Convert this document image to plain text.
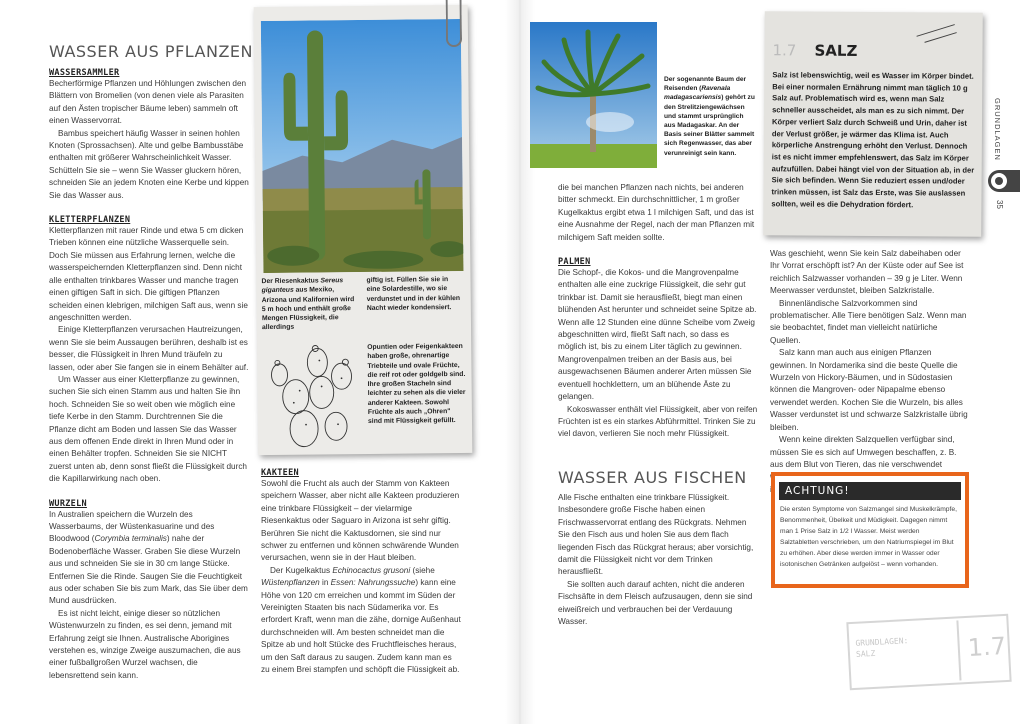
WASSER AUS PFLANZEN
WASSERSAMMLER

Becherförmige Pflanzen und Höhlungen zwischen den Blättern von Bromelien (von denen viele als Parasiten auf den Ästen tropischer Bäume leben) sammeln oft einen Wasservorrat.

Bambus speichert häufig Wasser in seinen hohlen Knoten (Sprossachsen). Alte und gelbe Bambusstäbe enthalten mit größerer Wahrscheinlichkeit Wasser. Schütteln Sie sie – wenn Sie Wasser gluckern hören, schneiden Sie an jedem Knoten eine Kerbe und kippen Sie das Wasser aus.

KLETTERPFLANZEN

Kletterpflanzen mit rauer Rinde und etwa 5 cm dicken Trieben können eine nützliche Wasserquelle sein. Doch Sie müssen aus Erfahrung lernen, welche die wasserspeichernden Kletterpflanzen sind. Denn nicht alle enthalten trinkbares Wasser und manche tragen einen giftigen Saft in sich. Die giftigen Pflanzen scheiden einen klebrigen, milchigen Saft aus, wenn sie angeschnitten werden.

Einige Kletterpflanzen verursachen Hautreizungen, wenn Sie sie beim Aussaugen berühren, deshalb ist es besser, die Flüssigkeit in Ihren Mund träufeln zu lassen, oder aber Sie fangen sie in einem Behälter auf.

Um Wasser aus einer Kletterpflanze zu gewinnen, suchen Sie sich einen Stamm aus und halten Sie ihn hoch. Schneiden Sie so weit oben wie möglich eine tiefe Kerbe in den Stamm. Durchtrennen Sie die Pflanze dicht am Boden und lassen Sie das Wasser aus dem offenen Ende direkt in Ihren Mund oder in einen Behälter tropfen. Schneiden Sie sie NICHT zuerst unten ab, denn sonst fließt die Flüssigkeit durch die Kapillarwirkung nach oben.

WURZELN

In Australien speichern die Wurzeln des Wasserbaums, der Wüstenkasuarine und des Bloodwood (Corymbia terminalis) nahe der Bodenoberfläche Wasser. Graben Sie diese Wurzeln aus und schneiden Sie sie in 30 cm lange Stücke. Entfernen Sie die Rinde. Saugen Sie die Feuchtigkeit aus oder schaben Sie bis zum Mark, das Sie über dem Mund ausdrücken.

Es ist nicht leicht, einige dieser so nützlichen Wüstenwurzeln zu finden, es sei denn, jemand mit Erfahrung zeigt sie Ihnen. Australische Aborigines verstehen es, winzige Zweige auszumachen, die aus einer fußballgroßen Wurzel wachsen, die lebensrettend sein kann.

Der Riesenkaktus Sereus giganteus aus Mexiko, Arizona und Kalifornien wird 5 m hoch und enthält große Mengen Flüssigkeit, die allerdings
giftig ist. Füllen Sie sie in eine Solardestille, wo sie verdunstet und in der kühlen Nacht wieder kondensiert.
Opuntien oder Feigenkakteen haben große, ohrenartige Triebteile und ovale Früchte, die reif rot oder goldgelb sind. Ihre großen Stacheln sind leichter zu sehen als die vieler anderer Kakteen. Sowohl Früchte als auch „Ohren" sind mit Flüssigkeit gefüllt.
KAKTEEN

Sowohl die Frucht als auch der Stamm von Kakteen speichern Wasser, aber nicht alle Kakteen produzieren eine trinkbare Flüssigkeit – der vielarmige Riesenkaktus oder Saguaro in Arizona ist sehr giftig. Berühren Sie nicht die Kaktusdornen, sie sind nur schwer zu entfernen und können schwärende Wunden verursachen, wenn sie in der Haut bleiben.

Der Kugelkaktus Echinocactus grusoni (siehe Wüstenpflanzen in Essen: Nahrungssuche) kann eine Höhe von 120 cm erreichen und kommt im Süden der Vereinigten Staaten bis nach Südamerika vor. Es erfordert Kraft, wenn man die zähe, dornige Außenhaut durchschneiden will. Am besten schneidet man die Spitze ab und holt Stücke des Fruchtfleisches heraus, um den Saft daraus zu saugen. Zudem kann man es zu einem Brei stampfen und schöpft die Flüssigkeit ab.

Der sogenannte Baum der Reisenden (Ravenala madagascariensis) gehört zu den Strelitziengewächsen und stammt ursprünglich aus Madagaskar. An der Basis seiner Blätter sammelt sich Regenwasser, das aber verunreinigt sein kann.

die bei manchen Pflanzen nach nichts, bei anderen bitter schmeckt. Ein durchschnittlicher, 1 m großer Kugelkaktus ergibt etwa 1 l milchigen Saft, und das ist eine Ausnahme der Regel, nach der man Pflanzen mit milchigem Saft meiden sollte.

PALMEN

Die Schopf-, die Kokos- und die Mangrovenpalme enthalten alle eine zuckrige Flüssigkeit, die sehr gut trinkbar ist. Damit sie herausfließt, biegt man einen blühenden Ast herunter und schneidet seine Spitze ab. Wenn alle 12 Stunden eine dünne Scheibe vom Zweig abgeschnitten wird, fließt Saft nach, so dass es möglich ist, bis zu einem Liter täglich zu gewinnen. Mangrovenpalmen treiben an der Basis aus, bei ausgewachsenen Bäumen anderer Arten müssen Sie eventuell hochklettern, um an blühende Äste zu gelangen.

Kokoswasser enthält viel Flüssigkeit, aber von reifen Früchten ist es ein starkes Abführmittel. Trinken Sie zu viel davon, verlieren Sie noch mehr Flüssigkeit.

WASSER AUS FISCHEN

Alle Fische enthalten eine trinkbare Flüssigkeit. Insbesondere große Fische haben einen Frischwasservorrat entlang des Rückgrats. Nehmen Sie den Fisch aus und holen Sie aus dem flach liegenden Fisch das Rückgrat heraus; aber vorsichtig, damit die Flüssigkeit nicht vor dem Trinken herausfließt.

Sie sollten auch darauf achten, nicht die anderen Fischsäfte in dem Fleisch aufzusaugen, denn sie sind eiweißreich und verbrauchen bei der Verdauung Wasser.

1.7 SALZ
Salz ist lebenswichtig, weil es Wasser im Körper bindet. Bei einer normalen Ernährung nimmt man täglich 10 g Salz auf. Problematisch wird es, wenn man Salz schneller ausscheidet, als man es zu sich nimmt. Der Körper verliert Salz durch Schweiß und Urin, daher ist der Verlust größer, je wärmer das Klima ist. Auch körperliche Anstrengung erhöht den Verlust. Dennoch ist es nicht immer empfehlenswert, das Salz im Körper aufzufüllen. Dabei hängt viel von der Situation ab, in der Sie sich befinden. Wenn Sie reduziert essen und/oder trinken müssen, ist Salz das Erste, was Sie auslassen sollten, weil es die Dehydration fördert.
GRUNDLAGEN
35

Was geschieht, wenn Sie kein Salz dabeihaben oder Ihr Vorrat erschöpft ist? An der Küste oder auf See ist reichlich Salzwasser vorhanden – 39 g je Liter. Wenn Meerwasser verdunstet, bleiben Salzkristalle.

Binnenländische Salzvorkommen sind problematischer. Alle Tiere benötigen Salz. Wenn man sie beobachtet, findet man vielleicht natürliche Quellen.

Salz kann man auch aus einigen Pflanzen gewinnen. In Nordamerika sind die beste Quelle die Wurzeln von Hickory-Bäumen, und in Südostasien können die Mangroven- oder Nipapalme ebenso verwendet werden. Kochen Sie die Wurzeln, bis alles Wasser verdunstet ist und schwarze Salzkristalle übrig bleiben.

Wenn keine direkten Salzquellen verfügbar sind, müssen Sie es sich auf Umwegen beschaffen, z. B. aus dem Blut von Tieren, das nie verschwendet

ACHTUNG!
Die ersten Symptome von Salzmangel sind Muskelkrämpfe, Benommenheit, Übelkeit und Müdigkeit. Dagegen nimmt man 1 Prise Salz in 1/2 l Wasser. Meist werden Salztabletten verschrieben, um den Natriumspiegel im Blut zu erhöhen. Aber diese werden immer in Wasser oder isotonischen Getränken aufgelöst – wenn vorhanden.
GRUNDLAGEN:
SALZ	1.7
